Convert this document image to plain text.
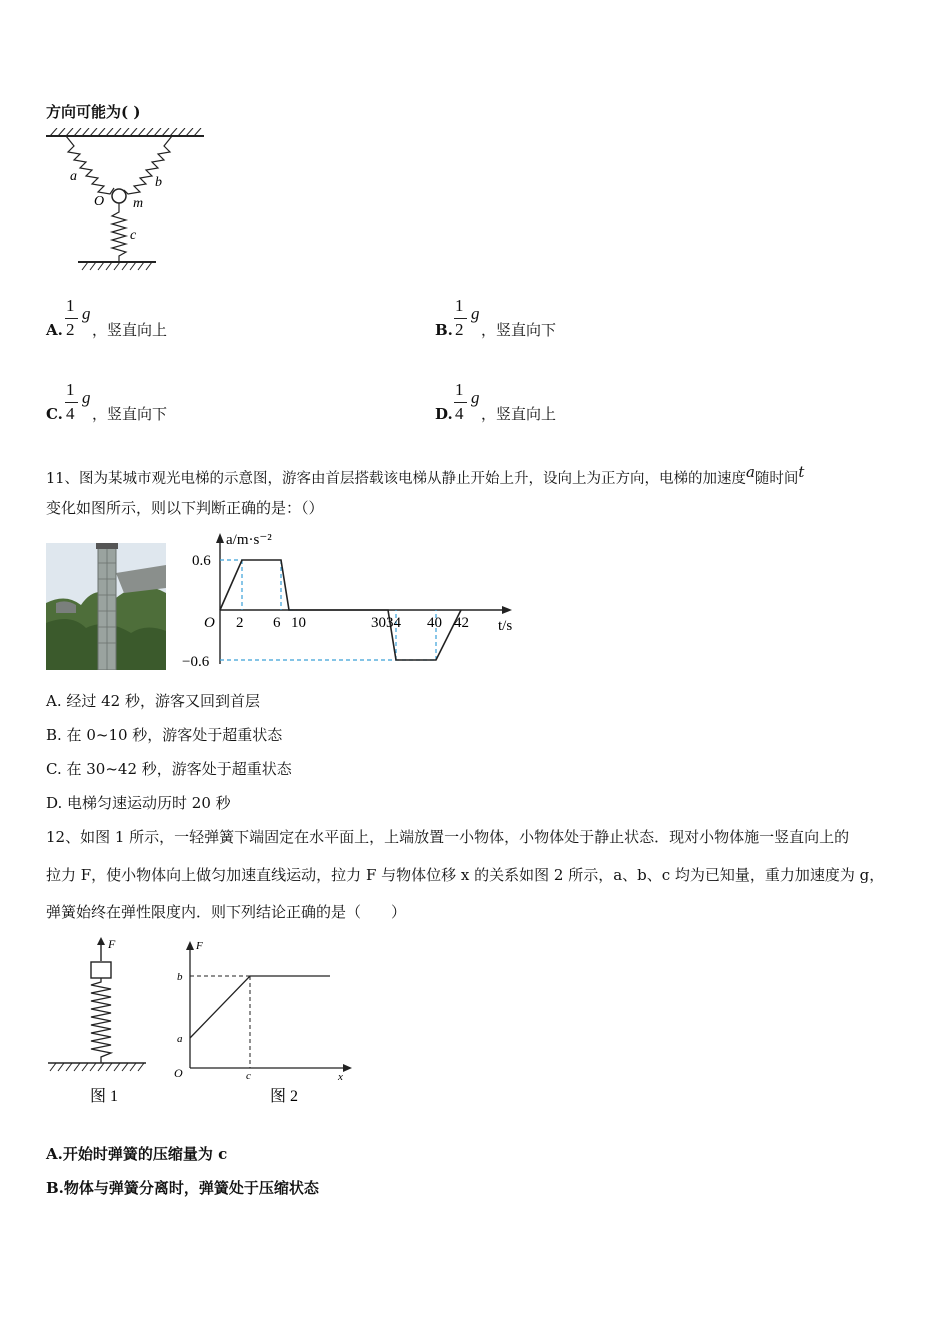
方向可能为( )
a	b
O m
c
A.
1
2
g
，竖直向上	B.
1
2
g
，竖直向下
C.
1
4
g
，竖直向下	D.
1
4
g
，竖直向上
11、图为某城市观光电梯的示意图，游客由首层搭载该电梯从静止开始上升，设向上为正方向，电梯的加速度$^a$随时间$^t$
变化如图所示，则以下判断正确的是：（）
a/m·s⁻²
t/s
O
0.6
−0.6
2 6 10	3034 40 42
A. 经过 42 秒，游客又回到首层
B. 在 0~10 秒，游客处于超重状态
C. 在 30~42 秒，游客处于超重状态
D. 电梯匀速运动历时 20 秒
12、如图 1 所示，一轻弹簧下端固定在水平面上，上端放置一小物体，小物体处于静止状态．现对小物体施一竖直向上的
拉力 F，使小物体向上做匀加速直线运动，拉力 F 与物体位移 x 的关系如图 2 所示，a、b、c 均为已知量，重力加速度为 g，
弹簧始终在弹性限度内．则下列结论正确的是（　　）
F
图 1
F
x
O
a
b
c
图 2
A.开始时弹簧的压缩量为 c
B.物体与弹簧分离时，弹簧处于压缩状态
